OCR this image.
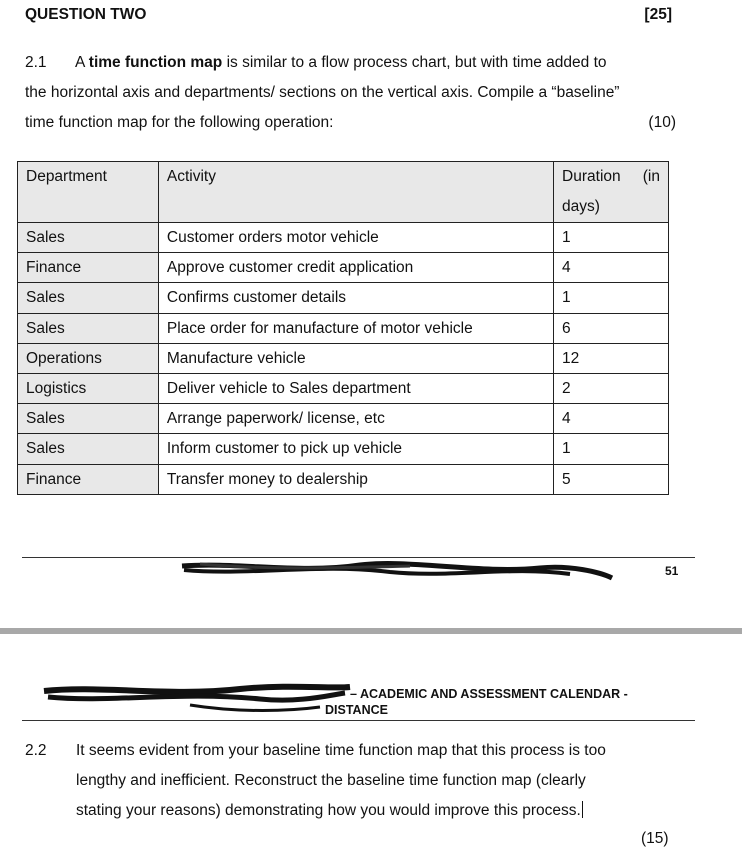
QUESTION TWO	[25]
2.1 A time function map is similar to a flow process chart, but with time added to
the horizontal axis and departments/ sections on the vertical axis. Compile a “baseline”
time function map for the following operation:	(10)
Department	Activity	Duration (in
days)

Sales	Customer orders motor vehicle	1
Finance	Approve customer credit application	4
Sales	Confirms customer details	1
Sales	Place order for manufacture of motor vehicle	6
Operations	Manufacture vehicle	12
Logistics	Deliver vehicle to Sales department	2
Sales	Arrange paperwork/ license, etc	4
Sales	Inform customer to pick up vehicle	1
Finance	Transfer money to dealership	5
51
– ACADEMIC AND ASSESSMENT CALENDAR -
DISTANCE
2.2 It seems evident from your baseline time function map that this process is too
lengthy and inefficient. Reconstruct the baseline time function map (clearly
stating your reasons) demonstrating how you would improve this process.
(15)
